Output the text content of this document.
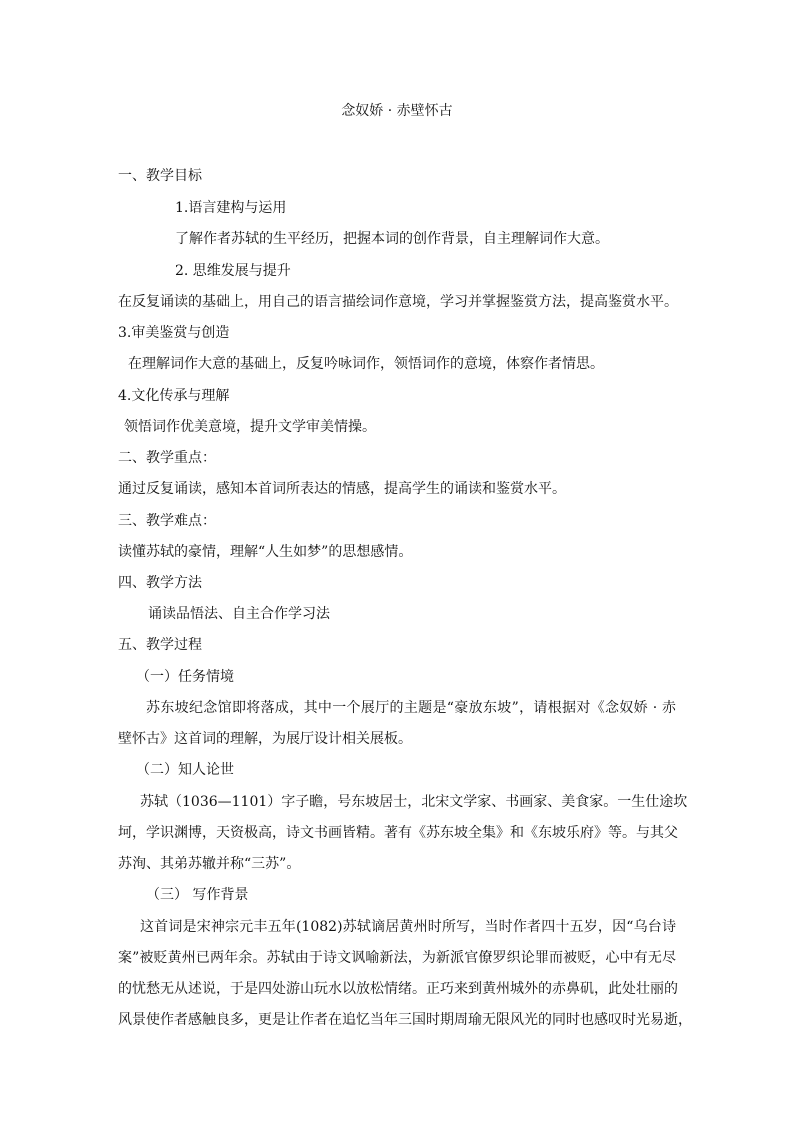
念奴娇 · 赤壁怀古
一、教学目标
1.语言建构与运用
了解作者苏轼的生平经历，把握本词的创作背景，自主理解词作大意。
2. 思维发展与提升
在反复诵读的基础上，用自己的语言描绘词作意境，学习并掌握鉴赏方法，提高鉴赏水平。
3.审美鉴赏与创造
在理解词作大意的基础上，反复吟咏词作，领悟词作的意境，体察作者情思。
4.文化传承与理解
领悟词作优美意境，提升文学审美情操。
二、教学重点：
通过反复诵读，感知本首词所表达的情感，提高学生的诵读和鉴赏水平。
三、教学难点：
读懂苏轼的豪情，理解“人生如梦”的思想感情。
四、教学方法
诵读品悟法、自主合作学习法
五、教学过程
（一）任务情境
苏东坡纪念馆即将落成，其中一个展厅的主题是“豪放东坡”，请根据对《念奴娇 · 赤
壁怀古》这首词的理解，为展厅设计相关展板。
（二）知人论世
苏轼（1036—1101）字子瞻，号东坡居士，北宋文学家、书画家、美食家。一生仕途坎
坷，学识渊博，天资极高，诗文书画皆精。著有《苏东坡全集》和《东坡乐府》等。与其父
苏洵、其弟苏辙并称“三苏”。
（三） 写作背景
这首词是宋神宗元丰五年(1082)苏轼谪居黄州时所写，当时作者四十五岁，因“乌台诗
案”被贬黄州已两年余。苏轼由于诗文讽喻新法，为新派官僚罗织论罪而被贬，心中有无尽
的忧愁无从述说，于是四处游山玩水以放松情绪。正巧来到黄州城外的赤鼻矶，此处壮丽的
风景使作者感触良多，更是让作者在追忆当年三国时期周瑜无限风光的同时也感叹时光易逝，
